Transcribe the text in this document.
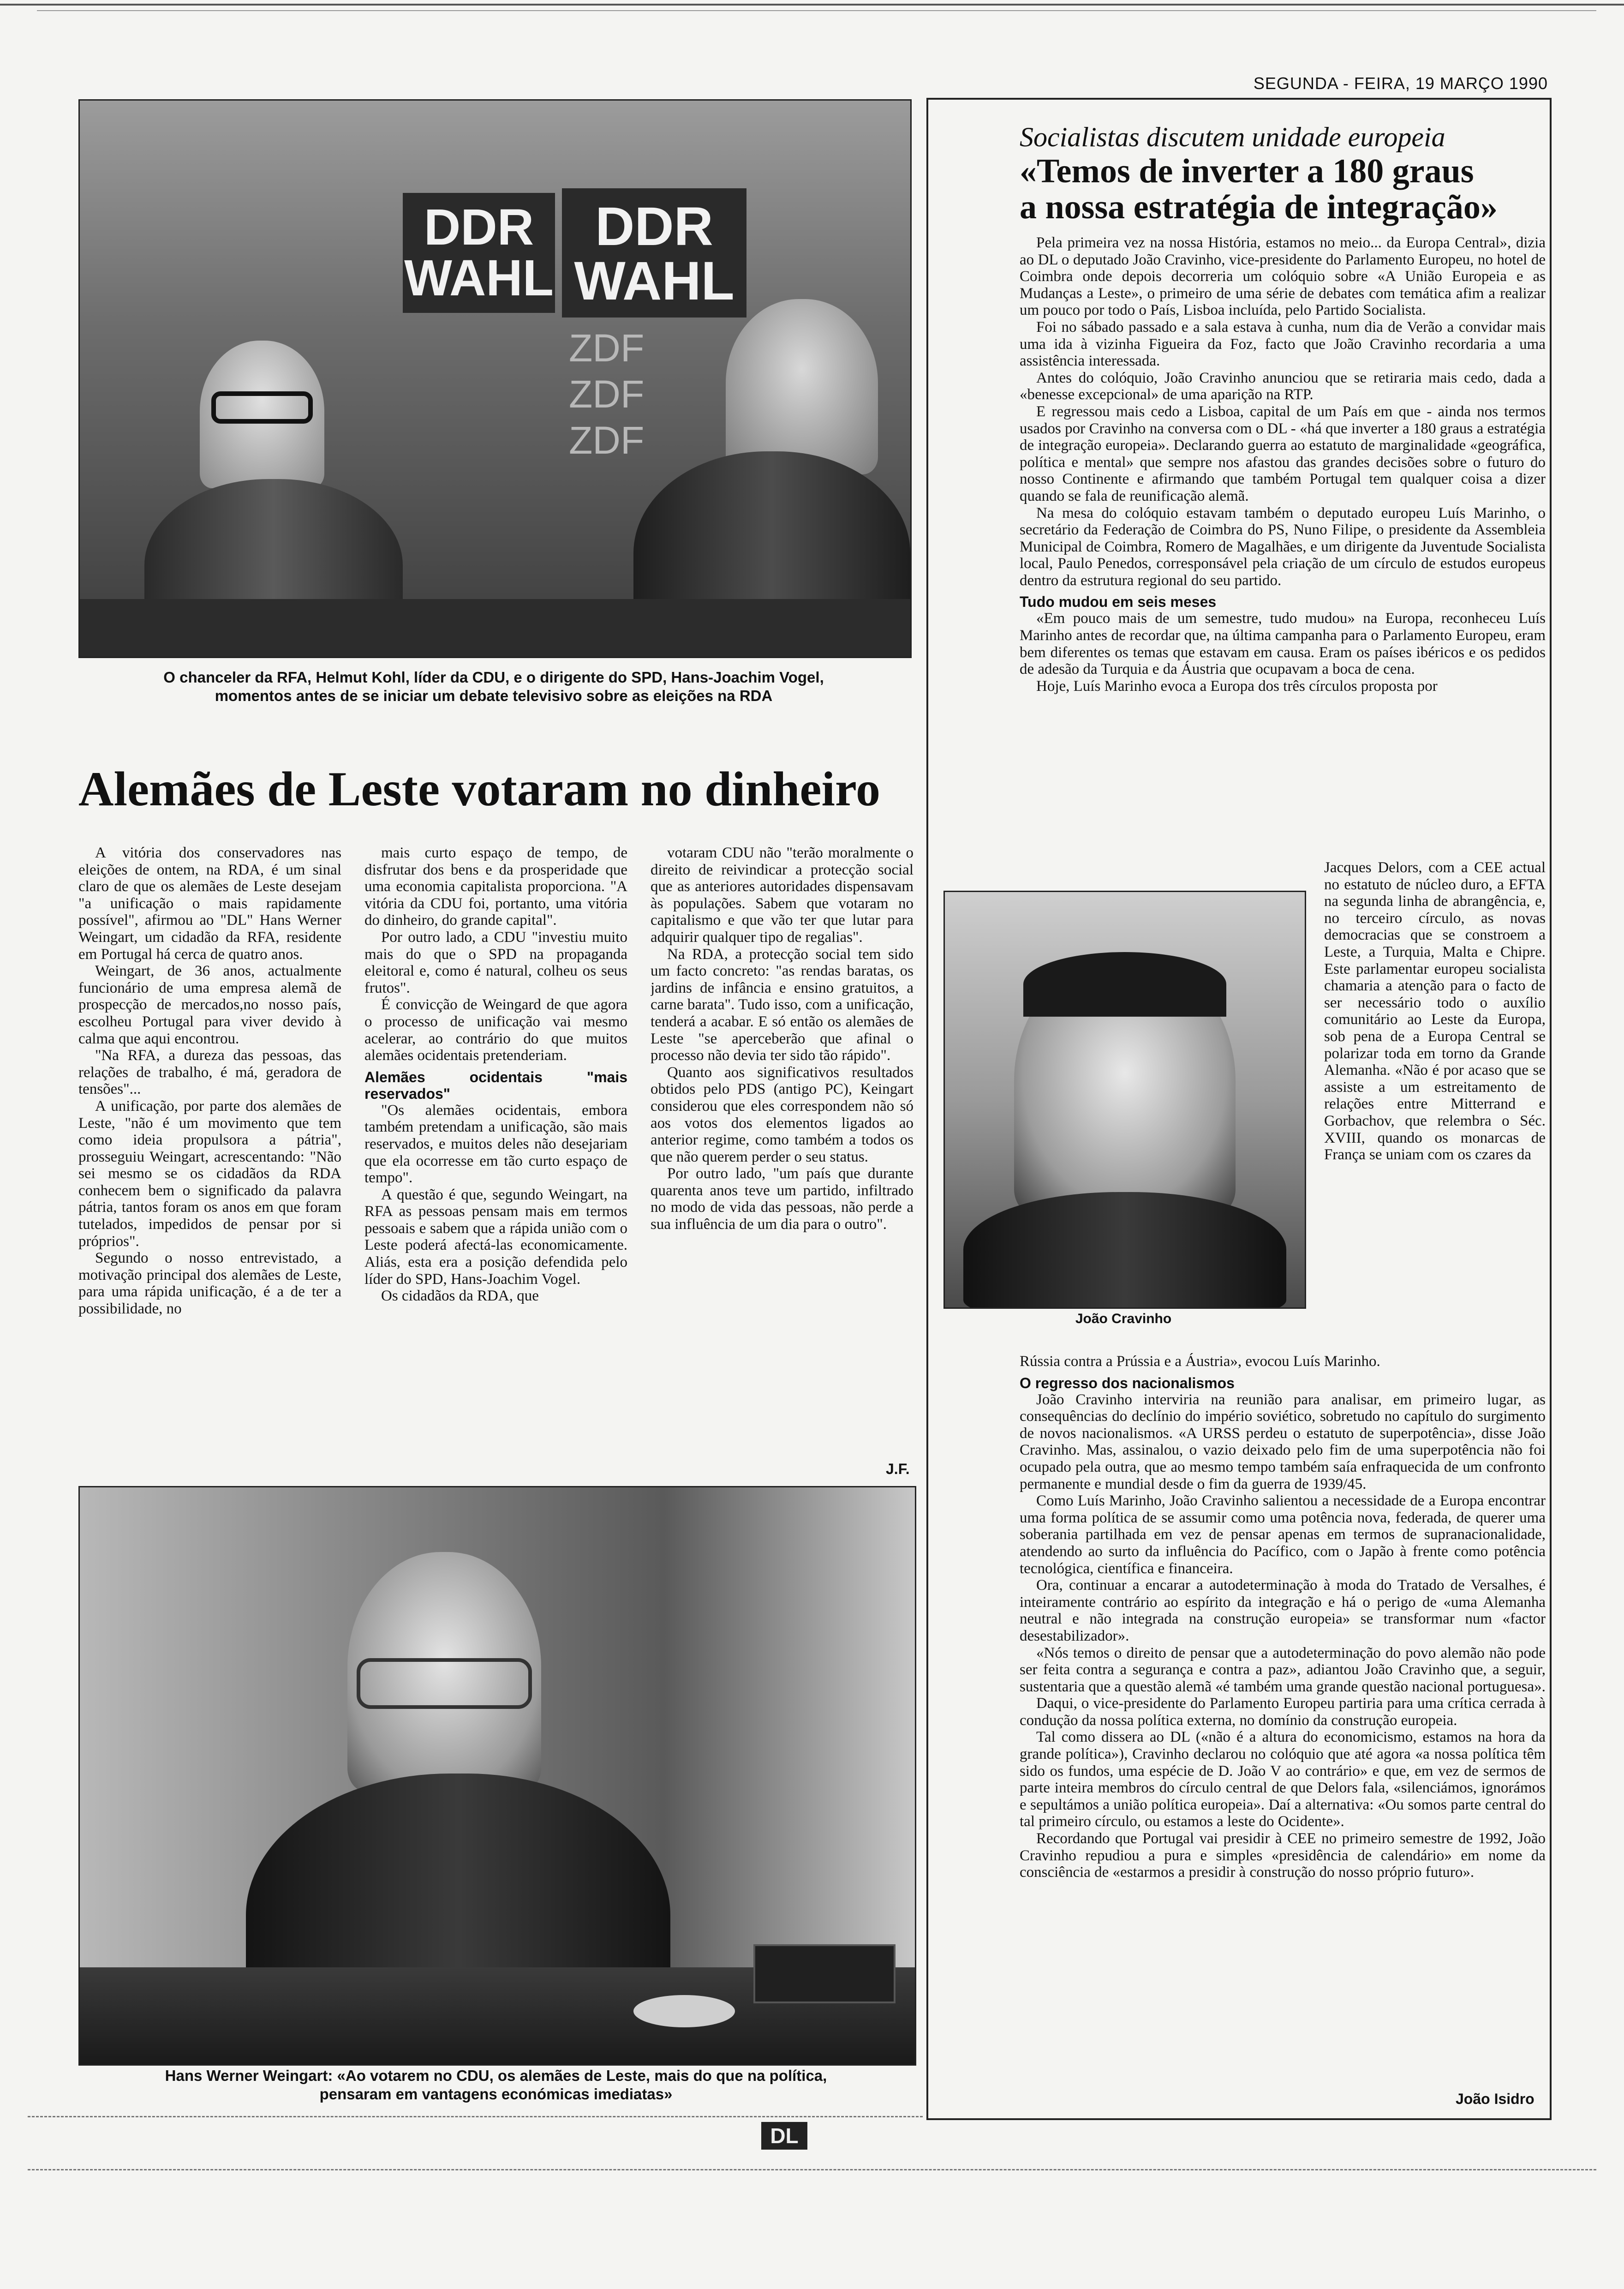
SEGUNDA - FEIRA, 19 MARÇO 1990
DDR WAHL
DDR WAHL
ZDF
ZDF
ZDF
O chanceler da RFA, Helmut Kohl, líder da CDU, e o dirigente do SPD, Hans-Joachim Vogel,
momentos antes de se iniciar um debate televisivo sobre as eleições na RDA
Alemães de Leste votaram no dinheiro

A vitória dos conservadores nas eleições de ontem, na RDA, é um sinal claro de que os alemães de Leste desejam "a unificação o mais rapidamente possível", afirmou ao "DL" Hans Werner Weingart, um cidadão da RFA, residente em Portugal há cerca de quatro anos.

Weingart, de 36 anos, actualmente funcionário de uma empresa alemã de prospecção de mercados,no nosso país, escolheu Portugal para viver devido à calma que aqui encontrou.

"Na RFA, a dureza das pessoas, das relações de trabalho, é má, geradora de tensões"...

A unificação, por parte dos alemães de Leste, "não é um movimento que tem como ideia propulsora a pátria", prosseguiu Weingart, acrescentando: "Não sei mesmo se os cidadãos da RDA conhecem bem o significado da palavra pátria, tantos foram os anos em que foram tutelados, impedidos de pensar por si próprios".

Segundo o nosso entrevistado, a motivação principal dos alemães de Leste, para uma rápida unificação, é a de ter a possibilidade, no

mais curto espaço de tempo, de disfrutar dos bens e da prosperidade que uma economia capitalista proporciona. "A vitória da CDU foi, portanto, uma vitória do dinheiro, do grande capital".

Por outro lado, a CDU "investiu muito mais do que o SPD na propaganda eleitoral e, como é natural, colheu os seus frutos".

É convicção de Weingard de que agora o processo de unificação vai mesmo acelerar, ao contrário do que muitos alemães ocidentais pretenderiam.

Alemães ocidentais "mais reservados"

"Os alemães ocidentais, embora também pretendam a unificação, são mais reservados, e muitos deles não desejariam que ela ocorresse em tão curto espaço de tempo".

A questão é que, segundo Weingart, na RFA as pessoas pensam mais em termos pessoais e sabem que a rápida união com o Leste poderá afectá-las economicamente. Aliás, esta era a posição defendida pelo líder do SPD, Hans-Joachim Vogel.

Os cidadãos da RDA, que

votaram CDU não "terão moralmente o direito de reivindicar a protecção social que as anteriores autoridades dispensavam às populações. Sabem que votaram no capitalismo e que vão ter que lutar para adquirir qualquer tipo de regalias".

Na RDA, a protecção social tem sido um facto concreto: "as rendas baratas, os jardins de infância e ensino gratuitos, a carne barata". Tudo isso, com a unificação, tenderá a acabar. E só então os alemães de Leste "se aperceberão que afinal o processo não devia ter sido tão rápido".

Quanto aos significativos resultados obtidos pelo PDS (antigo PC), Keingart considerou que eles correspondem não só aos votos dos elementos ligados ao anterior regime, como também a todos os que não querem perder o seu status.

Por outro lado, "um país que durante quarenta anos teve um partido, infiltrado no modo de vida das pessoas, não perde a sua influência de um dia para o outro".

J.F.
Hans Werner Weingart: «Ao votarem no CDU, os alemães de Leste, mais do que na política,
pensaram em vantagens económicas imediatas»
Socialistas discutem unidade europeia
«Temos de inverter a 180 graus
a nossa estratégia de integração»

Pela primeira vez na nossa História, estamos no meio... da Europa Central», dizia ao DL o deputado João Cravinho, vice-presidente do Parlamento Europeu, no hotel de Coimbra onde depois decorreria um colóquio sobre «A União Europeia e as Mudanças a Leste», o primeiro de uma série de debates com temática afim a realizar um pouco por todo o País, Lisboa incluída, pelo Partido Socialista.

Foi no sábado passado e a sala estava à cunha, num dia de Verão a convidar mais uma ida à vizinha Figueira da Foz, facto que João Cravinho recordaria a uma assistência interessada.

Antes do colóquio, João Cravinho anunciou que se retiraria mais cedo, dada a «benesse excepcional» de uma aparição na RTP.

E regressou mais cedo a Lisboa, capital de um País em que - ainda nos termos usados por Cravinho na conversa com o DL - «há que inverter a 180 graus a estratégia de integração europeia». Declarando guerra ao estatuto de marginalidade «geográfica, política e mental» que sempre nos afastou das grandes decisões sobre o futuro do nosso Continente e afirmando que também Portugal tem qualquer coisa a dizer quando se fala de reunificação alemã.

Na mesa do colóquio estavam também o deputado europeu Luís Marinho, o secretário da Federação de Coimbra do PS, Nuno Filipe, o presidente da Assembleia Municipal de Coimbra, Romero de Magalhães, e um dirigente da Juventude Socialista local, Paulo Penedos, corresponsável pela criação de um círculo de estudos europeus dentro da estrutura regional do seu partido.

Tudo mudou em seis meses

«Em pouco mais de um semestre, tudo mudou» na Europa, reconheceu Luís Marinho antes de recordar que, na última campanha para o Parlamento Europeu, eram bem diferentes os temas que estavam em causa. Eram os países ibéricos e os pedidos de adesão da Turquia e da Áustria que ocupavam a boca de cena.

Hoje, Luís Marinho evoca a Europa dos três círculos proposta por

João Cravinho

Jacques Delors, com a CEE actual no estatuto de núcleo duro, a EFTA na segunda linha de abrangência, e, no terceiro círculo, as novas democracias que se constroem a Leste, a Turquia, Malta e Chipre. Este parlamentar europeu socialista chamaria a atenção para o facto de ser necessário todo o auxílio comunitário ao Leste da Europa, sob pena de a Europa Central se polarizar toda em torno da Grande Alemanha. «Não é por acaso que se assiste a um estreitamento de relações entre Mitterrand e Gorbachov, que relembra o Séc. XVIII, quando os monarcas de França se uniam com os czares da

Rússia contra a Prússia e a Áustria», evocou Luís Marinho.

O regresso dos nacionalismos

João Cravinho interviria na reunião para analisar, em primeiro lugar, as consequências do declínio do império soviético, sobretudo no capítulo do surgimento de novos nacionalismos. «A URSS perdeu o estatuto de superpotência», disse João Cravinho. Mas, assinalou, o vazio deixado pelo fim de uma superpotência não foi ocupado pela outra, que ao mesmo tempo também saía enfraquecida de um confronto permanente e mundial desde o fim da guerra de 1939/45.

Como Luís Marinho, João Cravinho salientou a necessidade de a Europa encontrar uma forma política de se assumir como uma potência nova, federada, de querer uma soberania partilhada em vez de pensar apenas em termos de supranacionalidade, atendendo ao surto da influência do Pacífico, com o Japão à frente como potência tecnológica, científica e financeira.

Ora, continuar a encarar a autodeterminação à moda do Tratado de Versalhes, é inteiramente contrário ao espírito da integração e há o perigo de «uma Alemanha neutral e não integrada na construção europeia» se transformar num «factor desestabilizador».

«Nós temos o direito de pensar que a autodeterminação do povo alemão não pode ser feita contra a segurança e contra a paz», adiantou João Cravinho que, a seguir, sustentaria que a questão alemã «é também uma grande questão nacional portuguesa».

Daqui, o vice-presidente do Parlamento Europeu partiria para uma crítica cerrada à condução da nossa política externa, no domínio da construção europeia.

Tal como dissera ao DL («não é a altura do economicismo, estamos na hora da grande política»), Cravinho declarou no colóquio que até agora «a nossa política têm sido os fundos, uma espécie de D. João V ao contrário» e que, em vez de sermos de parte inteira membros do círculo central de que Delors fala, «silenciámos, ignorámos e sepultámos a união política europeia». Daí a alternativa: «Ou somos parte central do tal primeiro círculo, ou estamos a leste do Ocidente».

Recordando que Portugal vai presidir à CEE no primeiro semestre de 1992, João Cravinho repudiou a pura e simples «presidência de calendário» em nome da consciência de «estarmos a presidir à construção do nosso próprio futuro».

João Isidro
DL
